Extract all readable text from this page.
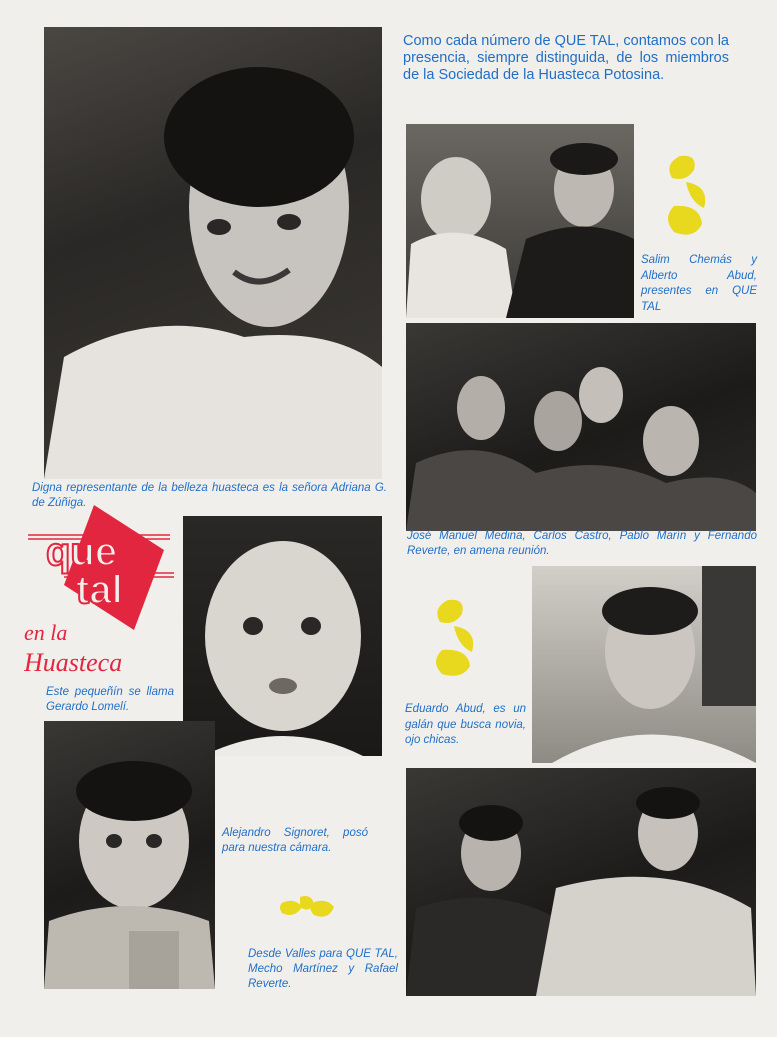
Digna representante de la belleza huasteca es la señora Adriana G. de Zúñiga.

Como cada número de QUE TAL, contamos con la presencia, siempre distinguida, de los miembros de la Sociedad de la Huasteca Potosina.

Salim Chemás y Alberto Abud, presentes en QUE TAL

José Manuel Medina, Carlos Castro, Pablo Marín y Fernando Reverte, en amena reunión.

que
tal
en la
Huasteca

Este pequeñín se llama Gerardo Lomelí.	Eduardo Abud, es un galán que busca novia, ojo chicas.

Alejandro Signoret, posó para nuestra cámara.

Desde Valles para QUE TAL, Mecho Martínez y Rafael Reverte.
